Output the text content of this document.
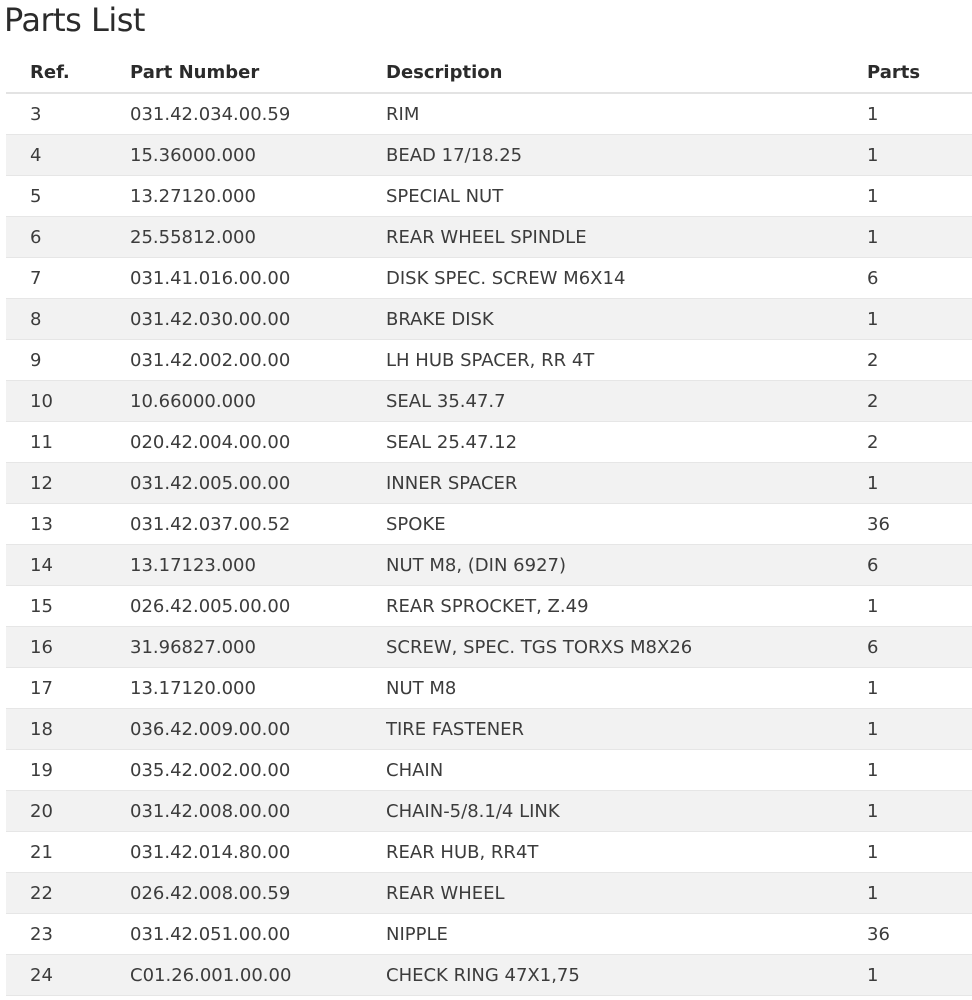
Parts List
Ref.	Part Number	Description	Parts
3	031.42.034.00.59	RIM	1
4	15.36000.000	BEAD 17/18.25	1
5	13.27120.000	SPECIAL NUT	1
6	25.55812.000	REAR WHEEL SPINDLE	1
7	031.41.016.00.00	DISK SPEC. SCREW M6X14	6
8	031.42.030.00.00	BRAKE DISK	1
9	031.42.002.00.00	LH HUB SPACER, RR 4T	2
10	10.66000.000	SEAL 35.47.7	2
11	020.42.004.00.00	SEAL 25.47.12	2
12	031.42.005.00.00	INNER SPACER	1
13	031.42.037.00.52	SPOKE	36
14	13.17123.000	NUT M8, (DIN 6927)	6
15	026.42.005.00.00	REAR SPROCKET, Z.49	1
16	31.96827.000	SCREW, SPEC. TGS TORXS M8X26	6
17	13.17120.000	NUT M8	1
18	036.42.009.00.00	TIRE FASTENER	1
19	035.42.002.00.00	CHAIN	1
20	031.42.008.00.00	CHAIN-5/8.1/4 LINK	1
21	031.42.014.80.00	REAR HUB, RR4T	1
22	026.42.008.00.59	REAR WHEEL	1
23	031.42.051.00.00	NIPPLE	36
24	C01.26.001.00.00	CHECK RING 47X1,75	1
